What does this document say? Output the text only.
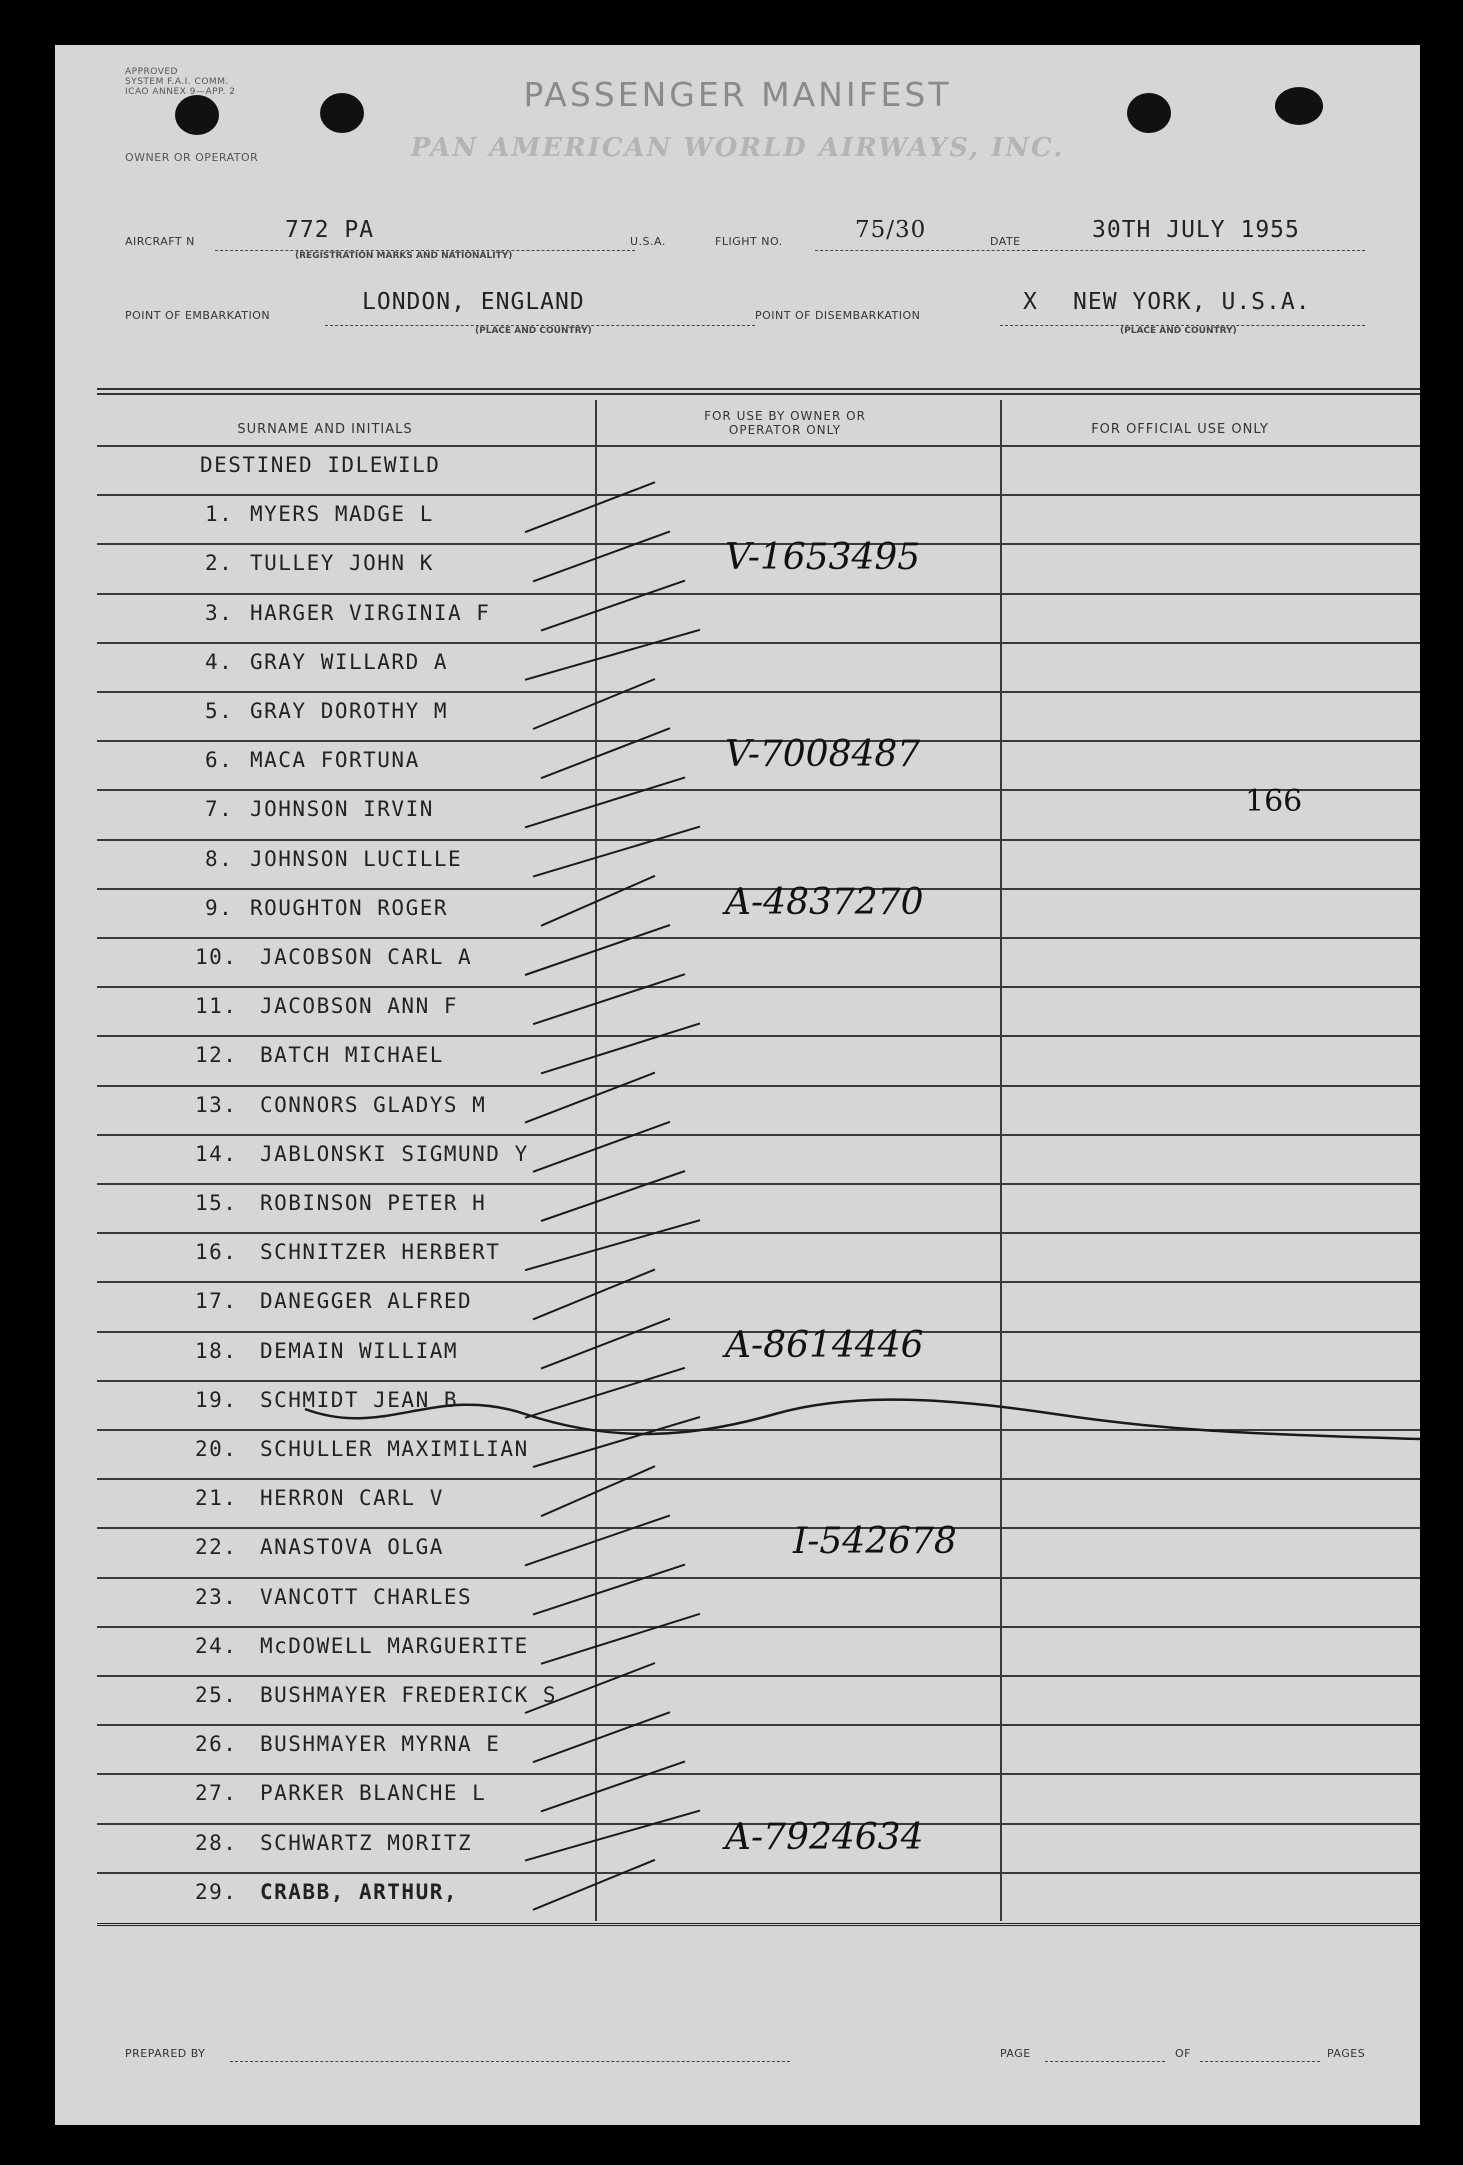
APPROVED
SYSTEM F.A.I. COMM.
ICAO ANNEX 9—APP. 2	PASSENGER MANIFEST
OWNER OR OPERATOR	PAN AMERICAN WORLD AIRWAYS, INC.
AIRCRAFT N	772 PA
(REGISTRATION MARKS AND NATIONALITY)
U.S.A.	FLIGHT NO.	75/30	DATE	30TH JULY 1955
POINT OF EMBARKATION
LONDON, ENGLAND
(PLACE AND COUNTRY)
POINT OF DISEMBARKATION
X NEW YORK, U.S.A.
(PLACE AND COUNTRY)
SURNAME AND INITIALS
FOR USE BY OWNER OR OPERATOR ONLY	FOR OFFICIAL USE ONLY
DESTINED IDLEWILD
1. MYERS MADGE L
2. TULLEY JOHN K	V-1653495
3. HARGER VIRGINIA F
4. GRAY WILLARD A
5. GRAY DOROTHY M
6. MACA FORTUNA	V-7008487
7. JOHNSON IRVIN
8. JOHNSON LUCILLE
9. ROUGHTON ROGER	A-4837270
10. JACOBSON CARL A
11. JACOBSON ANN F
12. BATCH MICHAEL
13. CONNORS GLADYS M
14. JABLONSKI SIGMUND Y
15. ROBINSON PETER H
16. SCHNITZER HERBERT
17. DANEGGER ALFRED
18. DEMAIN WILLIAM	A-8614446
19. SCHMIDT JEAN B
20. SCHULLER MAXIMILIAN
21. HERRON CARL V
22. ANASTOVA OLGA	I-542678
23. VANCOTT CHARLES
24. McDOWELL MARGUERITE
25. BUSHMAYER FREDERICK S
26. BUSHMAYER MYRNA E
27. PARKER BLANCHE L
28. SCHWARTZ MORITZ	A-7924634
29. CRABB, ARTHUR,
166
PREPARED BY	PAGE	OF	PAGES
